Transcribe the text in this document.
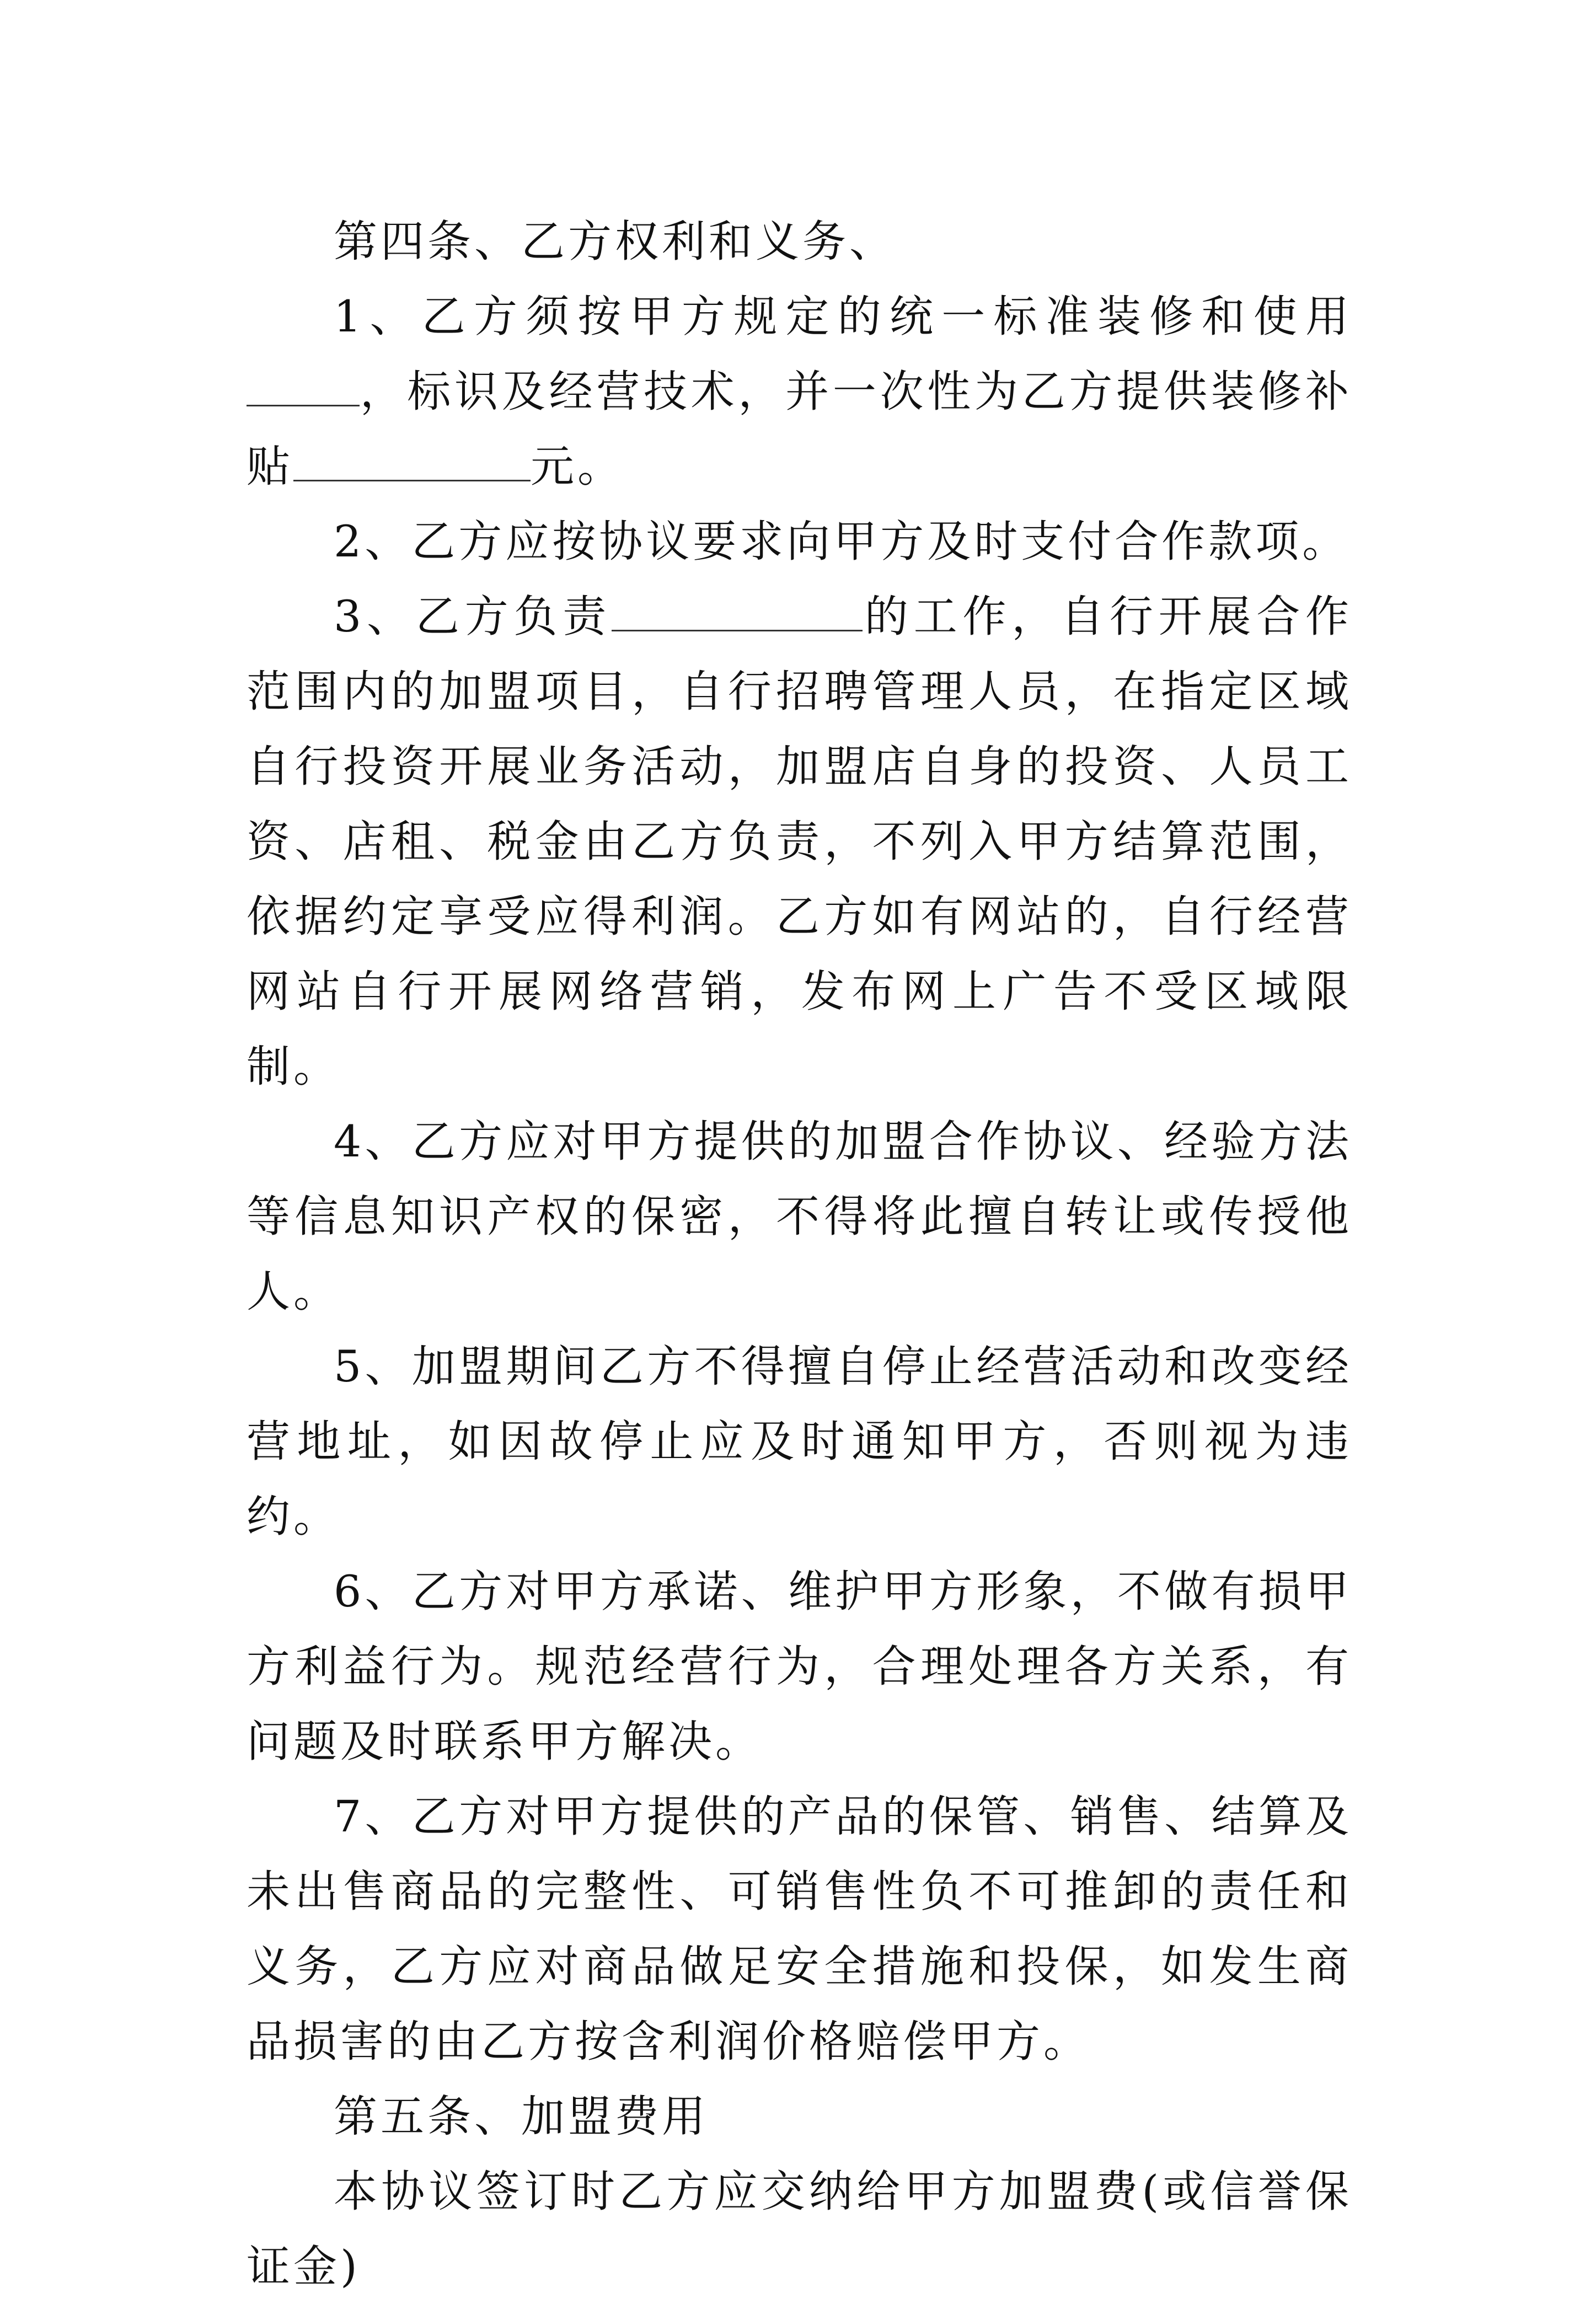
第四条、乙方权利和义务、

1、乙方须按甲方规定的统一标准装修和使用，标识及经营技术，并一次性为乙方提供装修补贴	元。

2、乙方应按协议要求向甲方及时支付合作款项。

3、乙方负责	的工作，自行开展合作范围内的加盟项目，自行招聘管理人员，在指定区域自行投资开展业务活动，加盟店自身的投资、人员工资、店租、税金由乙方负责，不列入甲方结算范围，依据约定享受应得利润。乙方如有网站的，自行经营网站自行开展网络营销，发布网上广告不受区域限制。

4、乙方应对甲方提供的加盟合作协议、经验方法等信息知识产权的保密，不得将此擅自转让或传授他人。

5、加盟期间乙方不得擅自停止经营活动和改变经营地址，如因故停止应及时通知甲方，否则视为违约。

6、乙方对甲方承诺、维护甲方形象，不做有损甲方利益行为。规范经营行为，合理处理各方关系，有问题及时联系甲方解决。

7、乙方对甲方提供的产品的保管、销售、结算及未出售商品的完整性、可销售性负不可推卸的责任和义务，乙方应对商品做足安全措施和投保，如发生商品损害的由乙方按含利润价格赔偿甲方。

第五条、加盟费用

本协议签订时乙方应交纳给甲方加盟费(或信誉保证金)
